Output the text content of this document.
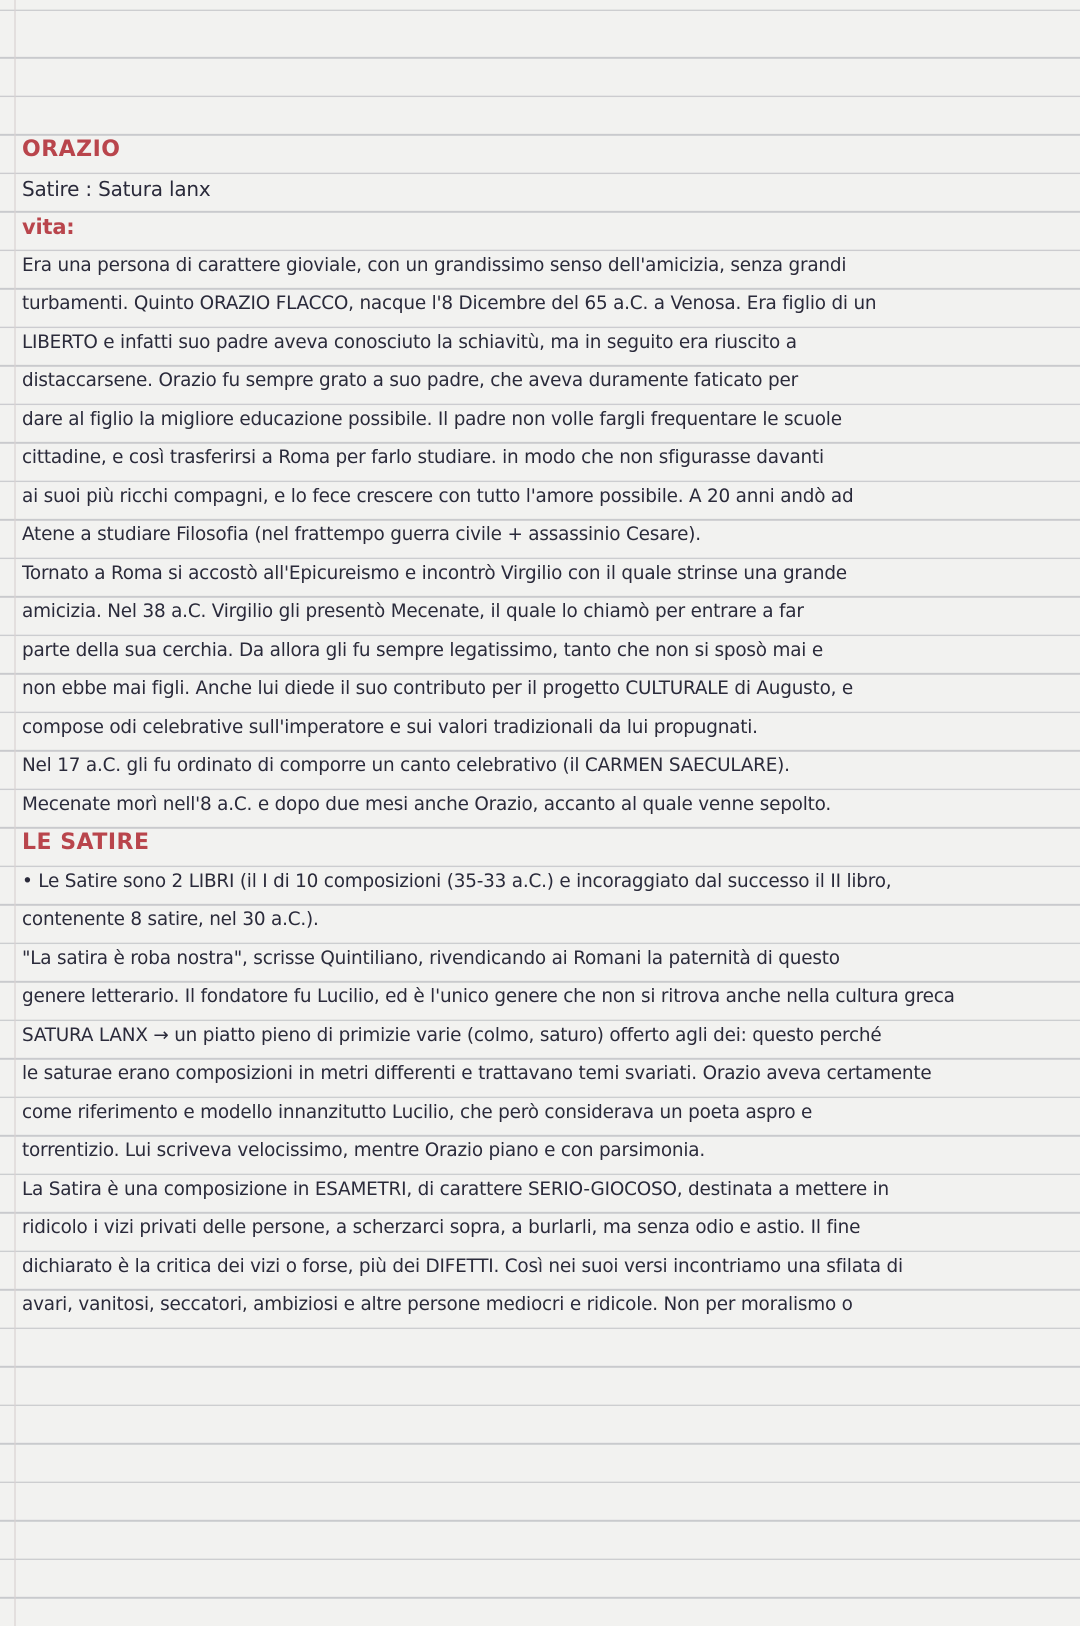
ORAZIO
Satire : Satura lanx
vita:
Era una persona di carattere gioviale, con un grandissimo senso dell'amicizia, senza grandi
turbamenti. Quinto ORAZIO FLACCO, nacque l'8 Dicembre del 65 a.C. a Venosa. Era figlio di un
LIBERTO e infatti suo padre aveva conosciuto la schiavitù, ma in seguito era riuscito a
distaccarsene. Orazio fu sempre grato a suo padre, che aveva duramente faticato per
dare al figlio la migliore educazione possibile. Il padre non volle fargli frequentare le scuole
cittadine, e così trasferirsi a Roma per farlo studiare. in modo che non sfigurasse davanti
ai suoi più ricchi compagni, e lo fece crescere con tutto l'amore possibile. A 20 anni andò ad
Atene a studiare Filosofia (nel frattempo guerra civile + assassinio Cesare).
Tornato a Roma si accostò all'Epicureismo e incontrò Virgilio con il quale strinse una grande
amicizia. Nel 38 a.C. Virgilio gli presentò Mecenate, il quale lo chiamò per entrare a far
parte della sua cerchia. Da allora gli fu sempre legatissimo, tanto che non si sposò mai e
non ebbe mai figli. Anche lui diede il suo contributo per il progetto CULTURALE di Augusto, e
compose odi celebrative sull'imperatore e sui valori tradizionali da lui propugnati.
Nel 17 a.C. gli fu ordinato di comporre un canto celebrativo (il CARMEN SAECULARE).
Mecenate morì nell'8 a.C. e dopo due mesi anche Orazio, accanto al quale venne sepolto.
LE SATIRE
• Le Satire sono 2 LIBRI (il I di 10 composizioni (35-33 a.C.) e incoraggiato dal successo il II libro,
contenente 8 satire, nel 30 a.C.).
"La satira è roba nostra", scrisse Quintiliano, rivendicando ai Romani la paternità di questo
genere letterario. Il fondatore fu Lucilio, ed è l'unico genere che non si ritrova anche nella cultura greca
SATURA LANX → un piatto pieno di primizie varie (colmo, saturo) offerto agli dei: questo perché
le saturae erano composizioni in metri differenti e trattavano temi svariati. Orazio aveva certamente
come riferimento e modello innanzitutto Lucilio, che però considerava un poeta aspro e
torrentizio. Lui scriveva velocissimo, mentre Orazio piano e con parsimonia.
La Satira è una composizione in ESAMETRI, di carattere SERIO-GIOCOSO, destinata a mettere in
ridicolo i vizi privati delle persone, a scherzarci sopra, a burlarli, ma senza odio e astio. Il fine
dichiarato è la critica dei vizi o forse, più dei DIFETTI. Così nei suoi versi incontriamo una sfilata di
avari, vanitosi, seccatori, ambiziosi e altre persone mediocri e ridicole. Non per moralismo o
